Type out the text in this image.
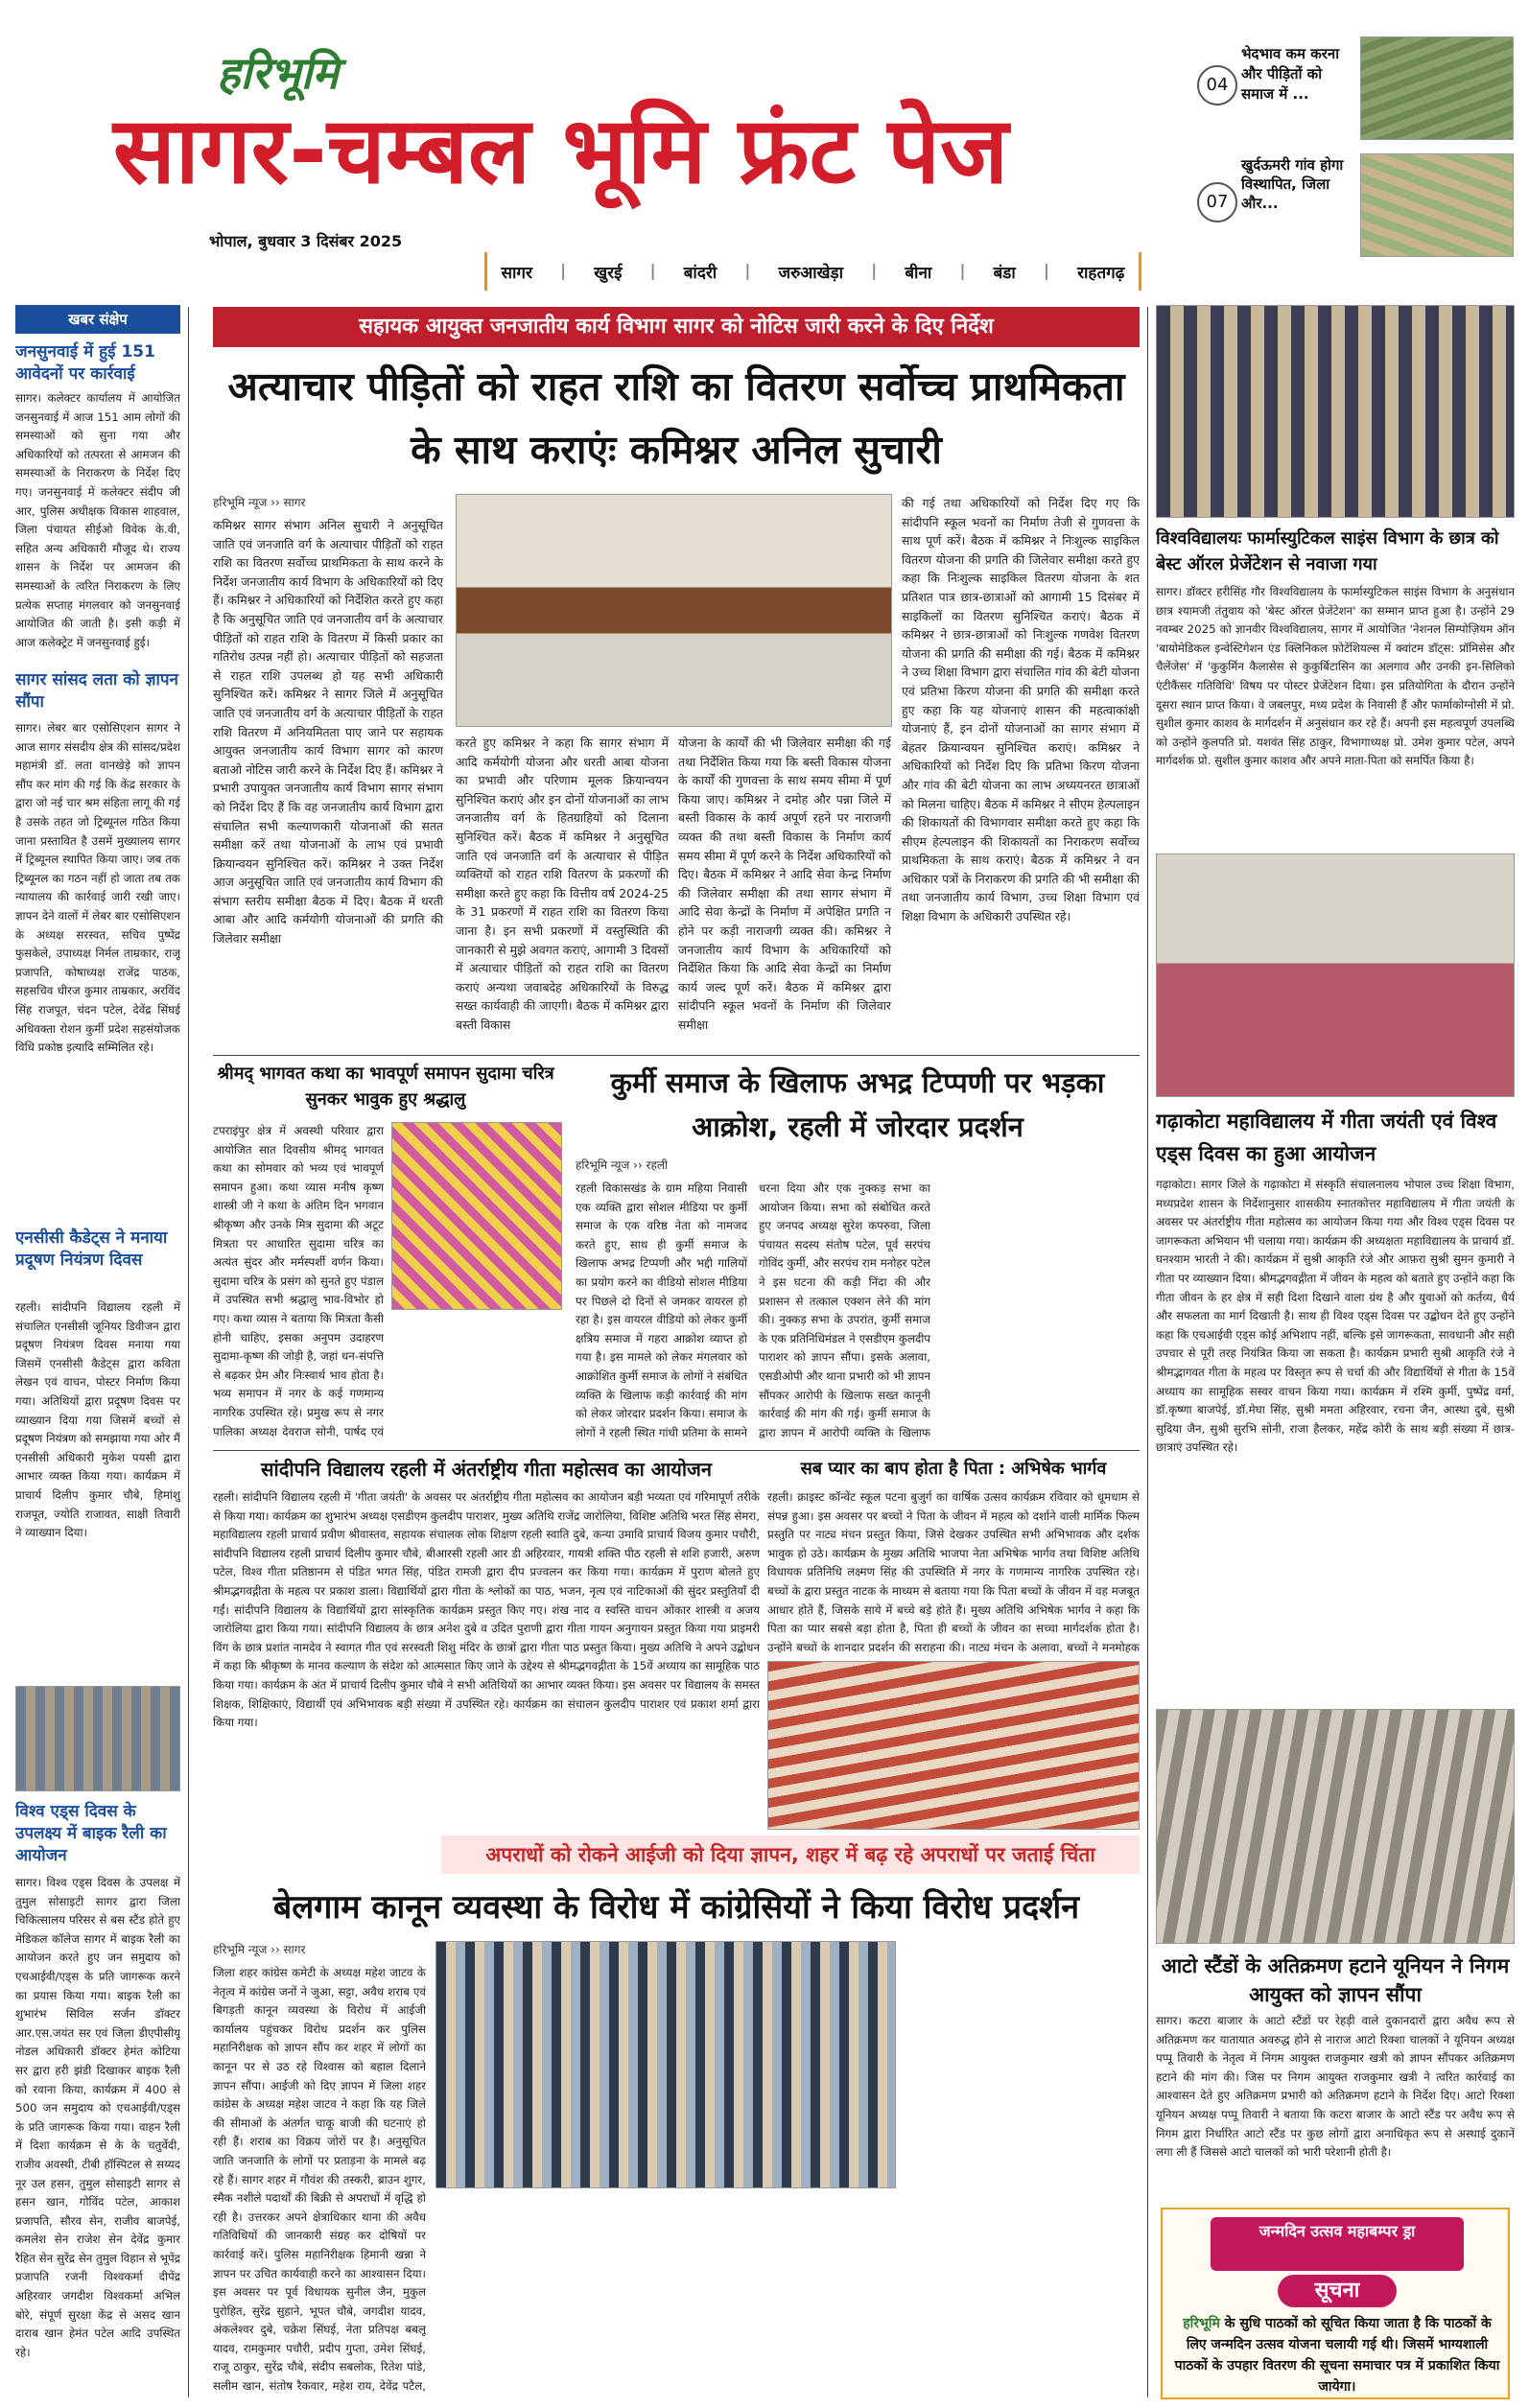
हरिभूमि
सागर-चम्बल भूमि फ्रंट पेज
भोपाल, बुधवार 3 दिसंबर 2025
सागर | खुरई | बांदरी | जरुआखेड़ा | बीना | बंडा | राहतगढ़
04
भेदभाव कम करना और पीड़ितों को समाज में ...
07
खुर्दऊमरी गांव होगा विस्थापित, जिला और...
खबर संक्षेप
जनसुनवाई में हुई 151 आवेदनों पर कार्रवाई
सागर। कलेक्टर कार्यालय में आयोजित जनसुनवाई में आज 151 आम लोगों की समस्याओं को सुना गया और अधिकारियों को तत्परता से आमजन की समस्याओं के निराकरण के निर्देश दिए गए। जनसुनवाई में कलेक्टर संदीप जी आर, पुलिस अधीक्षक विकास शाहवाल, जिला पंचायत सीईओ विवेक के.वी, सहित अन्य अधिकारी मौजूद थे। राज्य शासन के निर्देश पर आमजन की समस्याओं के त्वरित निराकरण के लिए प्रत्येक सप्ताह मंगलवार को जनसुनवाई आयोजित की जाती है। इसी कड़ी में आज कलेक्ट्रेट में जनसुनवाई हुई।
सागर सांसद लता को ज्ञापन सौंपा
सागर। लेबर बार एसोसिएशन सागर ने आज सागर संसदीय क्षेत्र की सांसद/प्रदेश महामंत्री डॉ. लता वानखेड़े को ज्ञापन सौंप कर मांग की गई कि केंद्र सरकार के द्वारा जो नई चार श्रम संहिता लागू की गई है उसके तहत जो ट्रिब्यूनल गठित किया जाना प्रस्तावित है उसमें मुख्यालय सागर में ट्रिब्यूनल स्थापित किया जाए। जब तक ट्रिब्यूनल का गठन नहीं हो जाता तब तक न्यायालय की कार्रवाई जारी रखी जाए। ज्ञापन देने वालों में लेबर बार एसोसिएशन के अध्यक्ष सरस्वत, सचिव पुष्पेंद्र फुसकेले, उपाध्यक्ष निर्मल ताम्रकार, राजू प्रजापति, कोषाध्यक्ष राजेंद्र पाठक, सहसचिव धीरज कुमार ताम्रकार, अरविंद सिंह राजपूत, चंदन पटेल, देवेंद्र सिंघई अधिवक्ता रोशन कुर्मी प्रदेश सहसंयोजक विधि प्रकोष्ठ इत्यादि सम्मिलित रहे।
एनसीसी कैडेट्स ने मनाया प्रदूषण नियंत्रण दिवस
रहली। सांदीपनि विद्यालय रहली में संचालित एनसीसी जूनियर डिवीजन द्वारा प्रदूषण नियंत्रण दिवस मनाया गया जिसमें एनसीसी कैडेट्स द्वारा कविता लेखन एवं वाचन, पोस्टर निर्माण किया गया। अतिथियों द्वारा प्रदूषण दिवस पर व्याख्यान दिया गया जिसमें बच्चों से प्रदूषण नियंत्रण को समझाया गया ओर मैं एनसीसी अधिकारी मुकेश पयसी द्वारा आभार व्यक्त किया गया। कार्यक्रम में प्राचार्य दिलीप कुमार चौबे, हिमांशु राजपूत, ज्योति राजावत, साक्षी तिवारी ने व्याख्यान दिया।
विश्व एड्स दिवस के उपलक्ष्य में बाइक रैली का आयोजन
सागर। विश्व एड्स दिवस के उपलक्ष में तुमुल सोसाइटी सागर द्वारा जिला चिकित्सालय परिसर से बस स्टैंड होते हुए मेडिकल कॉलेज सागर में बाइक रैली का आयोजन करते हुए जन समुदाय को एचआईवी/एड्स के प्रति जागरूक करने का प्रयास किया गया। बाइक रैली का शुभारंभ सिविल सर्जन डॉक्टर आर.एस.जयंत सर एवं जिला डीएपीसीयू नोडल अधिकारी डॉक्टर हेमंत कोटिया सर द्वारा हरी झंडी दिखाकर बाइक रैली को रवाना किया, कार्यक्रम में 400 से 500 जन समुदाय को एचआईवी/एड्स के प्रति जागरूक किया गया। वाहन रैली में दिशा कार्यक्रम से के के चतुर्वेदी, राजीव अवस्थी, टीबी हॉस्पिटल से सय्यद नूर उल हसन, तुमुल सोसाइटी सागर से हसन खान, गोविंद पटेल, आकाश प्रजापति, सौरव सेन, राजीव बाजपेई, कमलेश सेन राजेश सेन देवेंद्र कुमार रैहित सेन सुरेंद्र सेन तुमुल विहान से भूपेंद्र प्रजापति रजनी विश्वकर्मा दीपेंद्र अहिरवार जगदीश विश्वकर्मा अभिल बोरे, संपूर्ण सुरक्षा केंद्र से असद खान दाराब खान हेमंत पटेल आदि उपस्थित रहे।
सहायक आयुक्त जनजातीय कार्य विभाग सागर को नोटिस जारी करने के दिए निर्देश
अत्याचार पीड़ितों को राहत राशि का वितरण सर्वोच्च प्राथमिकता के साथ कराएंः कमिश्नर अनिल सुचारी
हरिभूमि न्यूज ›› सागर
कमिश्नर सागर संभाग अनिल सुचारी ने अनुसूचित जाति एवं जनजाति वर्ग के अत्याचार पीड़ितों को राहत राशि का वितरण सर्वोच्च प्राथमिकता के साथ करने के निर्देश जनजातीय कार्य विभाग के अधिकारियों को दिए हैं। कमिश्नर ने अधिकारियों को निर्देशित करते हुए कहा है कि अनुसूचित जाति एवं जनजातीय वर्ग के अत्याचार पीड़ितों को राहत राशि के वितरण में किसी प्रकार का गतिरोध उत्पन्न नहीं हो। अत्याचार पीड़ितों को सहजता से राहत राशि उपलब्ध हो यह सभी अधिकारी सुनिश्चित करें। कमिश्नर ने सागर जिले में अनुसूचित जाति एवं जनजातीय वर्ग के अत्याचार पीड़ितों के राहत राशि वितरण में अनियमितता पाए जाने पर सहायक आयुक्त जनजातीय कार्य विभाग सागर को कारण बताओ नोटिस जारी करने के निर्देश दिए हैं। कमिश्नर ने प्रभारी उपायुक्त जनजातीय कार्य विभाग सागर संभाग को निर्देश दिए हैं कि वह जनजातीय कार्य विभाग द्वारा संचालित सभी कल्याणकारी योजनाओं की सतत समीक्षा करें तथा योजनाओं के लाभ एवं प्रभावी क्रियान्वयन सुनिश्चित करें। कमिश्नर ने उक्त निर्देश आज अनुसूचित जाति एवं जनजातीय कार्य विभाग की संभाग स्तरीय समीक्षा बैठक में दिए। बैठक में धरती आबा और आदि कर्मयोगी योजनाओं की प्रगति की जिलेवार समीक्षा
करते हुए कमिश्नर ने कहा कि सागर संभाग में आदि कर्मयोगी योजना और धरती आबा योजना का प्रभावी और परिणाम मूलक क्रियान्वयन सुनिश्चित कराएं और इन दोनों योजनाओं का लाभ जनजातीय वर्ग के हितग्राहियों को दिलाना सुनिश्चित करें। बैठक में कमिश्नर ने अनुसूचित जाति एवं जनजाति वर्ग के अत्याचार से पीड़ित व्यक्तियों को राहत राशि वितरण के प्रकरणों की समीक्षा करते हुए कहा कि वित्तीय वर्ष 2024-25 के 31 प्रकरणों में राहत राशि का वितरण किया जाना है। इन सभी प्रकरणों में वस्तुस्थिति की जानकारी से मुझे अवगत कराएं, आगामी 3 दिवसों में अत्याचार पीड़ितों को राहत राशि का वितरण कराएं अन्यथा जवाबदेह अधिकारियों के विरुद्ध सख्त कार्यवाही की जाएगी। बैठक में कमिश्नर द्वारा बस्ती विकास
योजना के कार्यों की भी जिलेवार समीक्षा की गई तथा निर्देशित किया गया कि बस्ती विकास योजना के कार्यों की गुणवत्ता के साथ समय सीमा में पूर्ण किया जाए। कमिश्नर ने दमोह और पन्ना जिले में बस्ती विकास के कार्य अपूर्ण रहने पर नाराजगी व्यक्त की तथा बस्ती विकास के निर्माण कार्य समय सीमा में पूर्ण करने के निर्देश अधिकारियों को दिए। बैठक में कमिश्नर ने आदि सेवा केन्द्र निर्माण की जिलेवार समीक्षा की तथा सागर संभाग में आदि सेवा केन्द्रों के निर्माण में अपेक्षित प्रगति न होने पर कड़ी नाराजगी व्यक्त की। कमिश्नर ने जनजातीय कार्य विभाग के अधिकारियों को निर्देशित किया कि आदि सेवा केन्द्रों का निर्माण कार्य जल्द पूर्ण करें। बैठक में कमिश्नर द्वारा सांदीपनि स्कूल भवनों के निर्माण की जिलेवार समीक्षा
की गई तथा अधिकारियों को निर्देश दिए गए कि सांदीपनि स्कूल भवनों का निर्माण तेजी से गुणवत्ता के साथ पूर्ण करें। बैठक में कमिश्नर ने निःशुल्क साइकिल वितरण योजना की प्रगति की जिलेवार समीक्षा करते हुए कहा कि निःशुल्क साइकिल वितरण योजना के शत प्रतिशत पात्र छात्र-छात्राओं को आगामी 15 दिसंबर में साइकिलों का वितरण सुनिश्चित कराएं। बैठक में कमिश्नर ने छात्र-छात्राओं को निःशुल्क गणवेश वितरण योजना की प्रगति की समीक्षा की गई। बैठक में कमिश्नर ने उच्च शिक्षा विभाग द्वारा संचालित गांव की बेटी योजना एवं प्रतिभा किरण योजना की प्रगति की समीक्षा करते हुए कहा कि यह योजनाएं शासन की महत्वाकांक्षी योजनाएं हैं, इन दोनों योजनाओं का सागर संभाग में बेहतर क्रियान्वयन सुनिश्चित कराएं। कमिश्नर ने अधिकारियों को निर्देश दिए कि प्रतिभा किरण योजना और गांव की बेटी योजना का लाभ अध्ययनरत छात्राओं को मिलना चाहिए। बैठक में कमिश्नर ने सीएम हेल्पलाइन की शिकायतों की विभागवार समीक्षा करते हुए कहा कि सीएम हेल्पलाइन की शिकायतों का निराकरण सर्वोच्च प्राथमिकता के साथ कराएं। बैठक में कमिश्नर ने वन अधिकार पत्रों के निराकरण की प्रगति की भी समीक्षा की तथा जनजातीय कार्य विभाग, उच्च शिक्षा विभाग एवं शिक्षा विभाग के अधिकारी उपस्थित रहे।
विश्वविद्यालयः फार्मास्युटिकल साइंस विभाग के छात्र को बेस्ट ऑरल प्रेजेंटेशन से नवाजा गया
सागर। डॉक्टर हरीसिंह गौर विश्वविद्यालय के फार्मास्युटिकल साइंस विभाग के अनुसंधान छात्र श्यामजी तंतुवाय को 'बेस्ट ऑरल प्रेजेंटेशन' का सम्मान प्राप्त हुआ है। उन्होंने 29 नवम्बर 2025 को ज्ञानवीर विश्वविद्यालय, सागर में आयोजित 'नेशनल सिम्पोज़ियम ऑन 'बायोमेडिकल इन्वेस्टिगेशन एंड क्लिनिकल फ़ोटेंशियल्स में क्वांटम डॉट्स: प्रॉमिसेस और चैलेंजेस' में 'कुकुर्मिन कैलासेस से कुकुर्बिटासिन का अलगाव और उनकी इन-सिलिको एंटीकैंसर गतिविधि' विषय पर पोस्टर प्रेजेंटेशन दिया। इस प्रतियोगिता के दौरान उन्होंने दूसरा स्थान प्राप्त किया। वे जबलपुर, मध्य प्रदेश के निवासी हैं और फार्माकोग्नोसी में प्रो. सुशील कुमार काशव के मार्गदर्शन में अनुसंधान कर रहे हैं। अपनी इस महत्वपूर्ण उपलब्धि को उन्होंने कुलपति प्रो. यशवंत सिंह ठाकुर, विभागाध्यक्ष प्रो. उमेश कुमार पटेल, अपने मार्गदर्शक प्रो. सुशील कुमार काशव और अपने माता-पिता को समर्पित किया है।
गढ़ाकोटा महाविद्यालय में गीता जयंती एवं विश्व एड्स दिवस का हुआ आयोजन
गढ़ाकोटा। सागर जिले के गढ़ाकोटा में संस्कृति संचालनालय भोपाल उच्च शिक्षा विभाग, मध्यप्रदेश शासन के निर्देशानुसार शासकीय स्नातकोत्तर महाविद्यालय में गीता जयंती के अवसर पर अंतर्राष्ट्रीय गीता महोत्सव का आयोजन किया गया और विश्व एड्स दिवस पर जागरूकता अभियान भी चलाया गया। कार्यक्रम की अध्यक्षता महाविद्यालय के प्राचार्य डॉ. घनश्याम भारती ने की। कार्यक्रम में सुश्री आकृति रंजे और आफ़रा सुश्री सुमन कुमारी ने गीता पर व्याख्यान दिया। श्रीमद्भगवद्गीता में जीवन के महत्व को बताते हुए उन्होंने कहा कि गीता जीवन के हर क्षेत्र में सही दिशा दिखाने वाला ग्रंथ है और युवाओं को कर्तव्य, धैर्य और सफलता का मार्ग दिखाती है। साथ ही विश्व एड्स दिवस पर उद्बोधन देते हुए उन्होंने कहा कि एचआईवी एड्स कोई अभिशाप नहीं, बल्कि इसे जागरूकता, सावधानी और सही उपचार से पूरी तरह नियंत्रित किया जा सकता है। कार्यक्रम प्रभारी सुश्री आकृति रंजे ने श्रीमद्भागवत गीता के महत्व पर विस्तृत रूप से चर्चा की और विद्यार्थियों से गीता के 15वें अध्याय का सामूहिक सस्वर वाचन किया गया। कार्यक्रम में रश्मि कुर्मी, पुष्पेंद्र वर्मा, डॉ.कृष्णा बाजपेई, डॉ.मेघा सिंह, सुश्री ममता अहिरवार, रचना जैन, आस्था दुबे, सुश्री सुदिया जैन, सुश्री सुरभि सोनी, राजा हैलकर, महेंद्र कोरी के साथ बड़ी संख्या में छात्र-छात्राएं उपस्थित रहे।
आटो स्टैंडों के अतिक्रमण हटाने यूनियन ने निगम आयुक्त को ज्ञापन सौंपा
सागर। कटरा बाजार के आटो स्टैंडों पर रेहड़ी वाले दुकानदारों द्वारा अवैध रूप से अतिक्रमण कर यातायात अवरुद्ध होने से नाराज आटो रिक्शा चालकों ने यूनियन अध्यक्ष पप्पू तिवारी के नेतृत्व में निगम आयुक्त राजकुमार खत्री को ज्ञापन सौंपकर अतिक्रमण हटाने की मांग की। जिस पर निगम आयुक्त राजकुमार खत्री ने त्वरित कार्रवाई का आश्वासन देते हुए अतिक्रमण प्रभारी को अतिक्रमण हटाने के निर्देश दिए। आटो रिक्शा यूनियन अध्यक्ष पप्पू तिवारी ने बताया कि कटरा बाजार के आटो स्टैंड पर अवैध रूप से निगम द्वारा निर्धारित आटो स्टैंड पर कुछ लोगों द्वारा अनाधिकृत रूप से अस्थाई दुकानें लगा ली हैं जिससे आटो चालकों को भारी परेशानी होती है।
जन्मदिन उत्सव महाबम्पर ड्रा
सूचना
हरिभूमि के सुधि पाठकों को सूचित किया जाता है कि पाठकों के लिए जन्मदिन उत्सव योजना चलायी गई थी। जिसमें भाग्यशाली पाठकों के उपहार वितरण की सूचना समाचार पत्र में प्रकाशित किया जायेगा।
श्रीमद् भागवत कथा का भावपूर्ण समापन सुदामा चरित्र सुनकर भावुक हुए श्रद्धालु
टपराइंपुर क्षेत्र में अवस्थी परिवार द्वारा आयोजित सात दिवसीय श्रीमद् भागवत कथा का सोमवार को भव्य एवं भावपूर्ण समापन हुआ। कथा व्यास मनीष कृष्ण शास्त्री जी ने कथा के अंतिम दिन भगवान श्रीकृष्ण और उनके मित्र सुदामा की अटूट मित्रता पर आधारित सुदामा चरित्र का अत्यंत सुंदर और मर्मस्पर्शी वर्णन किया। सुदामा चरित्र के प्रसंग को सुनते हुए पंडाल में उपस्थित सभी श्रद्धालु भाव-विभोर हो गए। कथा व्यास ने बताया कि मित्रता कैसी होनी चाहिए, इसका अनुपम उदाहरण सुदामा-कृष्ण की जोड़ी है, जहां धन-संपत्ति से बढ़कर प्रेम और निःस्वार्थ भाव होता है। भव्य समापन में नगर के कई गणमान्य नागरिक उपस्थित रहे। प्रमुख रूप से नगर पालिका अध्यक्ष देवराज सोनी, पार्षद एवं
कुर्मी समाज के खिलाफ अभद्र टिप्पणी पर भड़का आक्रोश, रहली में जोरदार प्रदर्शन
हरिभूमि न्यूज ›› रहली
रहली विकासखंड के ग्राम महिया निवासी एक व्यक्ति द्वारा सोशल मीडिया पर कुर्मी समाज के एक वरिष्ठ नेता को नामजद करते हुए, साथ ही कुर्मी समाज के खिलाफ अभद्र टिप्पणी और भद्दी गालियों का प्रयोग करने का वीडियो सोशल मीडिया पर पिछले दो दिनों से जमकर वायरल हो रहा है। इस वायरल वीडियो को लेकर कुर्मी क्षत्रिय समाज में गहरा आक्रोश व्याप्त हो गया है। इस मामले को लेकर मंगलवार को आक्रोशित कुर्मी समाज के लोगों ने संबंधित व्यक्ति के खिलाफ कड़ी कार्रवाई की मांग को लेकर जोरदार प्रदर्शन किया। समाज के लोगों ने रहली स्थित गांधी प्रतिमा के सामने धरना दिया और एक नुक्कड़ सभा का आयोजन किया। सभा को संबोधित करते हुए जनपद अध्यक्ष सुरेश कपरुवा, जिला पंचायत सदस्य संतोष पटेल, पूर्व सरपंच गोविंद कुर्मी, और सरपंच राम मनोहर पटेल ने इस घटना की कड़ी निंदा की और प्रशासन से तत्काल एक्शन लेने की मांग की। नुक्कड़ सभा के उपरांत, कुर्मी समाज के एक प्रतिनिधिमंडल ने एसडीएम कुलदीप पाराशर को ज्ञापन सौंपा। इसके अलावा, एसडीओपी और थाना प्रभारी को भी ज्ञापन सौंपकर आरोपी के खिलाफ सख्त कानूनी कार्रवाई की मांग की गई। कुर्मी समाज के द्वारा ज्ञापन में आरोपी व्यक्ति के खिलाफ
सांदीपनि विद्यालय रहली में अंतर्राष्ट्रीय गीता महोत्सव का आयोजन
रहली। सांदीपनि विद्यालय रहली में 'गीता जयंती' के अवसर पर अंतर्राष्ट्रीय गीता महोत्सव का आयोजन बड़ी भव्यता एवं गरिमापूर्ण तरीके से किया गया। कार्यक्रम का शुभारंभ अध्यक्ष एसडीएम कुलदीप पाराशर, मुख्य अतिथि राजेंद्र जारोलिया, विशिष्ट अतिथि भरत सिंह सेमरा, महाविद्यालय रहली प्राचार्य प्रवीण श्रीवास्तव, सहायक संचालक लोक शिक्षण रहली स्वाति दुबे, कन्या उमावि प्राचार्य विजय कुमार पचौरी, सांदीपनि विद्यालय रहली प्राचार्य दिलीप कुमार चौबे, बीआरसी रहली आर डी अहिरवार, गायत्री शक्ति पीठ रहली से शशि हजारी, अरुण पटेल, विश्व गीता प्रतिष्ठानम से पंडित भगत सिंह, पंडित रामजी द्वारा दीप प्रज्वलन कर किया गया। कार्यक्रम में पुराण बोलते हुए श्रीमद्भगवद्गीता के महत्व पर प्रकाश डाला। विद्यार्थियों द्वारा गीता के श्लोकों का पाठ, भजन, नृत्य एवं नाटिकाओं की सुंदर प्रस्तुतियाँ दी गईं। सांदीपनि विद्यालय के विद्यार्थियों द्वारा सांस्कृतिक कार्यक्रम प्रस्तुत किए गए। शंख नाद व स्वस्ति वाचन ओंकार शास्त्री व अजय जारोलिया द्वारा किया गया। सांदीपनि विद्यालय के छात्र अनेश दुबे व उदित पुराणी द्वारा गीता गायन अनुगायन प्रस्तुत किया गया प्राइमरी विंग के छात्र प्रशांत नामदेव ने स्वागत गीत एवं सरस्वती शिशु मंदिर के छात्रों द्वारा गीता पाठ प्रस्तुत किया। मुख्य अतिथि ने अपने उद्बोधन में कहा कि श्रीकृष्ण के मानव कल्याण के संदेश को आत्मसात किए जाने के उद्देश्य से श्रीमद्भगवद्गीता के 15वें अध्याय का सामूहिक पाठ किया गया। कार्यक्रम के अंत में प्राचार्य दिलीप कुमार चौबे ने सभी अतिथियों का आभार व्यक्त किया। इस अवसर पर विद्यालय के समस्त शिक्षक, शिक्षिकाएं, विद्यार्थी एवं अभिभावक बड़ी संख्या में उपस्थित रहे। कार्यक्रम का संचालन कुलदीप पाराशर एवं प्रकाश शर्मा द्वारा किया गया।
सब प्यार का बाप होता है पिता : अभिषेक भार्गव
रहली। क्राइस्ट कॉन्वेंट स्कूल पटना बुजुर्ग का वार्षिक उत्सव कार्यक्रम रविवार को धूमधाम से संपन्न हुआ। इस अवसर पर बच्चों ने पिता के जीवन में महत्व को दर्शाने वाली मार्मिक फिल्म प्रस्तुति पर नाट्य मंचन प्रस्तुत किया, जिसे देखकर उपस्थित सभी अभिभावक और दर्शक भावुक हो उठे। कार्यक्रम के मुख्य अतिथि भाजपा नेता अभिषेक भार्गव तथा विशिष्ट अतिथि विधायक प्रतिनिधि लक्ष्मण सिंह की उपस्थिति में नगर के गणमान्य नागरिक उपस्थित रहे। बच्चों के द्वारा प्रस्तुत नाटक के माध्यम से बताया गया कि पिता बच्चों के जीवन में वह मजबूत आधार होते हैं, जिसके साये में बच्चे बड़े होते हैं। मुख्य अतिथि अभिषेक भार्गव ने कहा कि पिता का प्यार सबसे बड़ा होता है, पिता ही बच्चों के जीवन का सच्चा मार्गदर्शक होता है। उन्होंने बच्चों के शानदार प्रदर्शन की सराहना की। नाट्य मंचन के अलावा, बच्चों ने मनमोहक
अपराधों को रोकने आईजी को दिया ज्ञापन, शहर में बढ़ रहे अपराधों पर जताई चिंता
बेलगाम कानून व्यवस्था के विरोध में कांग्रेसियों ने किया विरोध प्रदर्शन
हरिभूमि न्यूज ›› सागर
जिला शहर कांग्रेस कमेटी के अध्यक्ष महेश जाटव के नेतृत्व में कांग्रेस जनों ने जुआ, सट्टा, अवैध शराब एवं बिगड़ती कानून व्यवस्था के विरोध में आईजी कार्यालय पहुंचकर विरोध प्रदर्शन कर पुलिस महानिरीक्षक को ज्ञापन सौंप कर शहर में लोगों का कानून पर से उठ रहे विश्वास को बहाल दिलाने ज्ञापन सौंपा। आईजी को दिए ज्ञापन में जिला शहर कांग्रेस के अध्यक्ष महेश जाटव ने कहा कि यह जिले की सीमाओं के अंतर्गत चाकू बाजी की घटनाएं हो रही हैं। शराब का विक्रय जोरों पर है। अनुसूचित जाति जनजाति के लोगों पर प्रताड़ना के मामले बढ़ रहे हैं। सागर शहर में गौवंश की तस्करी, ब्राउन शुगर, स्मैक नशीले पदार्थों की बिक्री से अपराधों में वृद्धि हो रही है। उत्तरकर अपने क्षेत्राधिकार थाना की अवैध गतिविधियों की जानकारी संग्रह कर दोषियों पर कार्रवाई करें। पुलिस महानिरीक्षक हिमानी खन्ना ने ज्ञापन पर उचित कार्यवाही करने का आश्वासन दिया। इस अवसर पर पूर्व विधायक सुनील जैन, मुकुल पुरोहित, सुरेंद्र सुहाने, भूपत चौबे, जगदीश यादव, अंकलेश्वर दुबे, चक्रेश सिंघई, नेता प्रतिपक्ष बबलू यादव, रामकुमार पचौरी, प्रदीप गुप्ता, उमेश सिंघई, राजू ठाकुर, सुरेंद्र चौबे, संदीप सबलोक, रितेश पांडे, सलीम खान, संतोष रैकवार, महेश राय, देवेंद्र पटैल,
